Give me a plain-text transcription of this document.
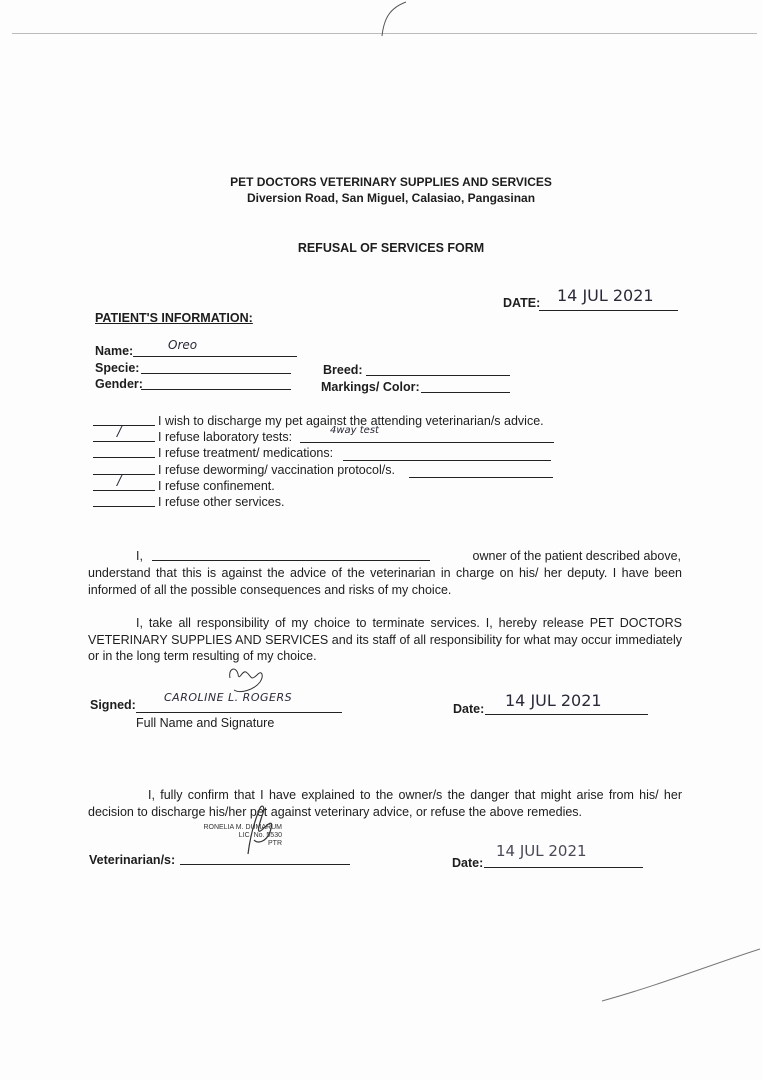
PET DOCTORS VETERINARY SUPPLIES AND SERVICES
Diversion Road, San Miguel, Calasiao, Pangasinan
REFUSAL OF SERVICES FORM
DATE: 14 JUL 2021
PATIENT'S INFORMATION:
Name:	Oreo
Specie:
Gender:
Breed:
Markings/ Color:
I wish to discharge my pet against the attending veterinarian/s advice.
/	I refuse laboratory tests:	4way test
I refuse treatment/ medications:
I refuse deworming/ vaccination protocol/s.
/	I refuse confinement.
I refuse other services.
I,	owner of the patient described above,
understand that this is against the advice of the veterinarian in charge on his/ her deputy. I have been informed of all the possible consequences and risks of my choice.
I, take all responsibility of my choice to terminate services. I, hereby release PET DOCTORS VETERINARY SUPPLIES AND SERVICES and its staff of all responsibility for what may occur immediately or in the long term resulting of my choice.
Signed:
CAROLINE L. ROGERS
Full Name and Signature
Date: 14 JUL 2021
I, fully confirm that I have explained to the owner/s the danger that might arise from his/ her decision to discharge his/her pet against veterinary advice, or refuse the above remedies.
RONELIA M. DUMARUM
LIC. No. 5530
PTR
Veterinarian/s:	Date:
14 JUL 2021
